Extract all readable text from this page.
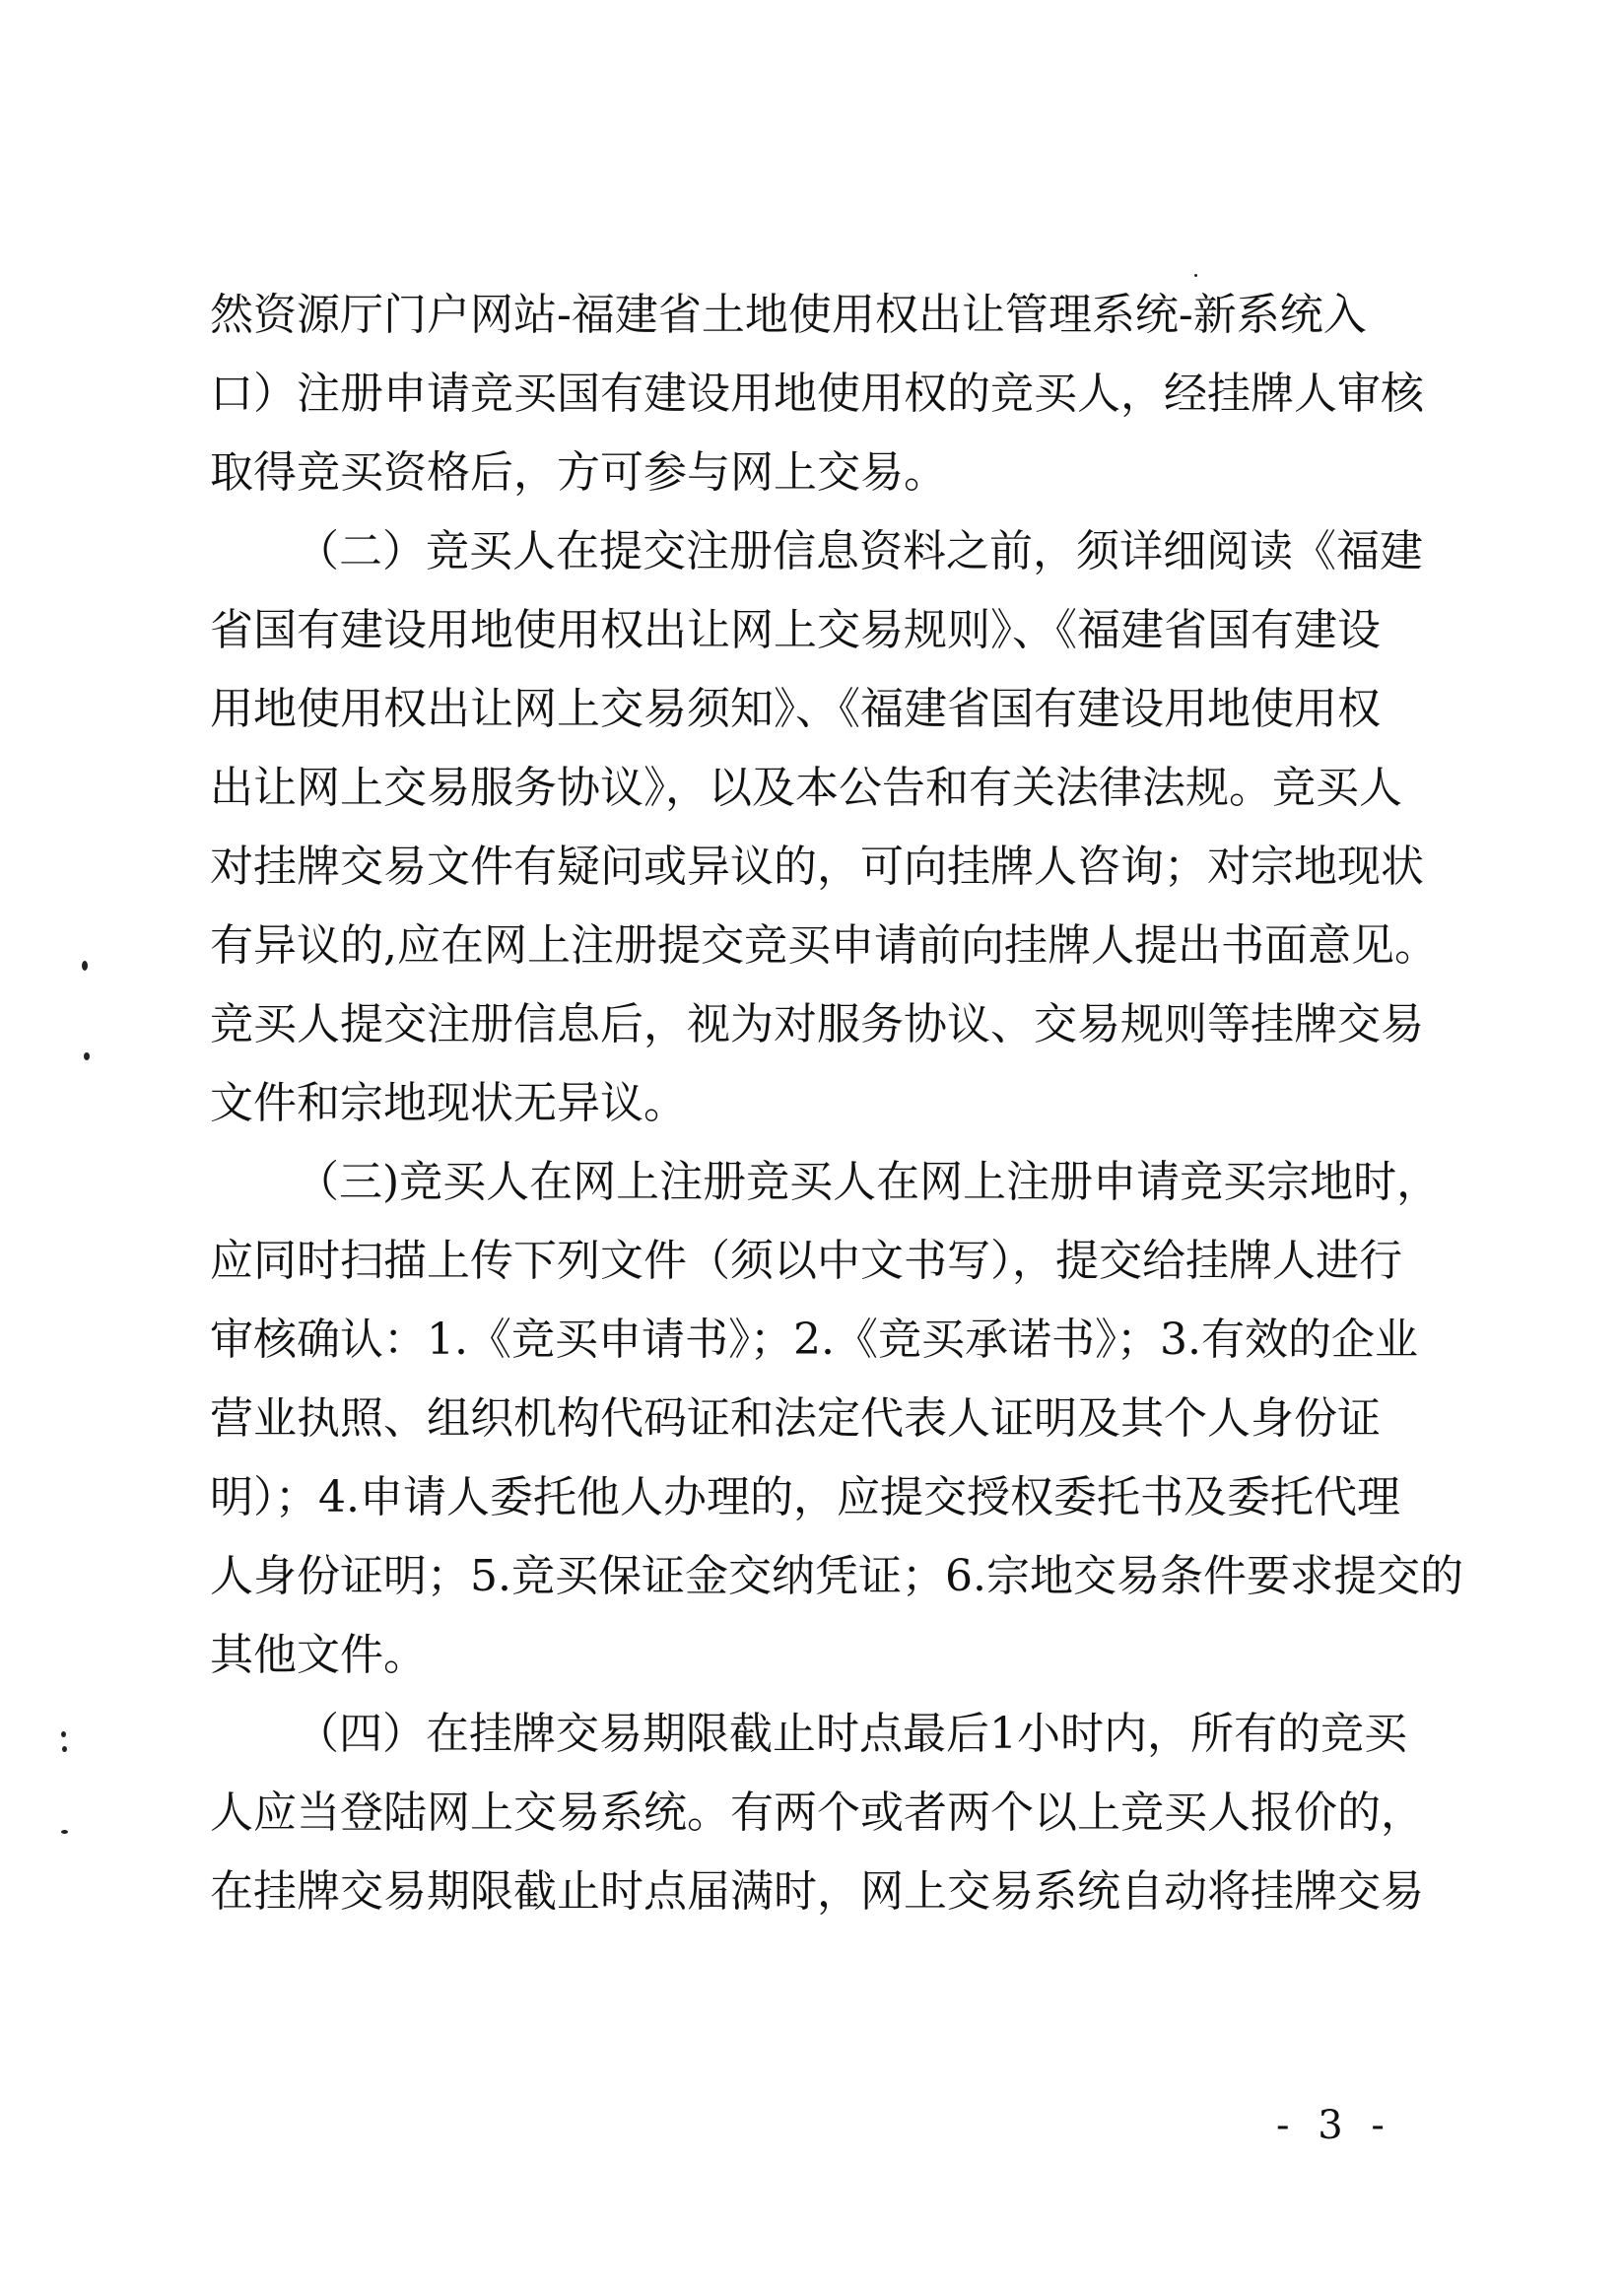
然资源厅门户网站-福建省土地使用权出让管理系统-新系统入
口）注册申请竞买国有建设用地使用权的竞买人，经挂牌人审核
取得竞买资格后，方可参与网上交易。
（二）竞买人在提交注册信息资料之前，须详细阅读《福建
省国有建设用地使用权出让网上交易规则》、《福建省国有建设
用地使用权出让网上交易须知》、《福建省国有建设用地使用权
出让网上交易服务协议》，以及本公告和有关法律法规。竞买人
对挂牌交易文件有疑问或异议的，可向挂牌人咨询；对宗地现状
有异议的,应在网上注册提交竞买申请前向挂牌人提出书面意见。
竞买人提交注册信息后，视为对服务协议、交易规则等挂牌交易
文件和宗地现状无异议。
（三)竞买人在网上注册竞买人在网上注册申请竞买宗地时，
应同时扫描上传下列文件（须以中文书写），提交给挂牌人进行
审核确认：1.《竞买申请书》；2.《竞买承诺书》；3.有效的企业
营业执照、组织机构代码证和法定代表人证明及其个人身份证
明）；4.申请人委托他人办理的，应提交授权委托书及委托代理
人身份证明；5.竞买保证金交纳凭证；6.宗地交易条件要求提交的
其他文件。
（四）在挂牌交易期限截止时点最后1小时内，所有的竞买
人应当登陆网上交易系统。有两个或者两个以上竞买人报价的，
在挂牌交易期限截止时点届满时，网上交易系统自动将挂牌交易
- 3 -
